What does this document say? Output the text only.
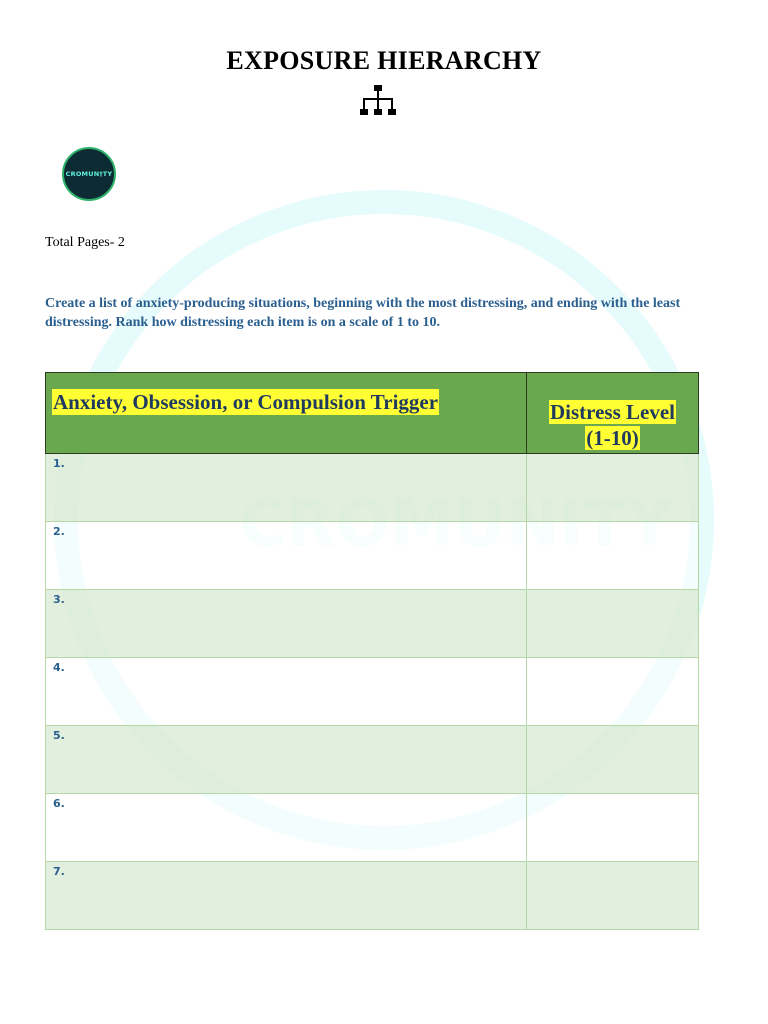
EXPOSURE HIERARCHY
CROMUN†TY
Total Pages- 2
Create a list of anxiety-producing situations, beginning with the most distressing, and ending with the least distressing. Rank how distressing each item is on a scale of 1 to 10.
Anxiety, Obsession, or Compulsion Trigger	Distress Level
(1-10)

1.	

2.	

3.	

4.	

5.	

6.	

7.	
